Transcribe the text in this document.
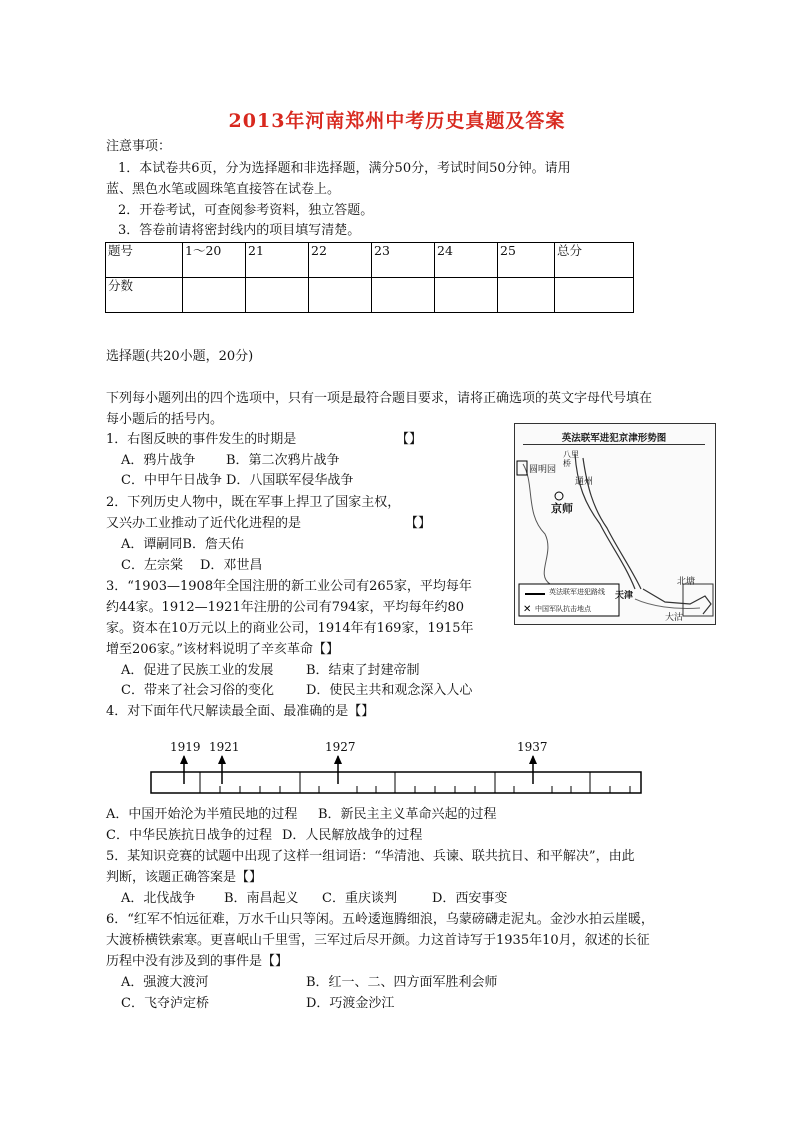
2013年河南郑州中考历史真题及答案
注意事项：
1．本试卷共6页，分为选择题和非选择题，满分50分，考试时间50分钟。请用
蓝、黑色水笔或圆珠笔直接答在试卷上。
2．开卷考试，可查阅参考资料，独立答题。
3．答卷前请将密封线内的项目填写清楚。
题号	1～20	21	22	23	24	25	总分
分数							
选择题(共20小题，20分)
下列每小题列出的四个选项中，只有一项是最符合题目要求，请将正确选项的英文字母代号填在
每小题后的括号内。
英法联军进犯京津形势图
✕
圆明园
京师
通州
天津
大沽
北塘
八里桥
英法联军进犯路线
中国军队抗击地点
1．右图反映的事件发生的时期是	【】
A．鸦片战争 B．第二次鸦片战争
C．中甲午日战争 D．八国联军侵华战争
2．下列历史人物中，既在军事上捍卫了国家主权，
又兴办工业推动了近代化进程的是	【】
A．谭嗣同B．詹天佑
C．左宗棠 D．邓世昌
3．“1903—1908年全国注册的新工业公司有265家，平均每年
约44家。1912—1921年注册的公司有794家，平均每年约80
家。资本在10万元以上的商业公司，1914年有169家，1915年
增至206家。”该材料说明了辛亥革命【】
A．促进了民族工业的发展	B．结束了封建帝制
C．带来了社会习俗的变化 D．使民主共和观念深入人心
4．对下面年代尺解读最全面、最准确的是【】
1919 1921	1927	1937
A．中国开始沦为半殖民地的过程 B．新民主主义革命兴起的过程
C．中华民族抗日战争的过程 D．人民解放战争的过程
5．某知识竞赛的试题中出现了这样一组词语：“华清池、兵谏、联共抗日、和平解决”，由此
判断，该题正确答案是【】
A．北伐战争 B．南昌起义 C．重庆谈判	D．西安事变
6．“红军不怕远征难，万水千山只等闲。五岭逶迤腾细浪，乌蒙磅礴走泥丸。金沙水拍云崖暖，
大渡桥横铁索寒。更喜岷山千里雪，三军过后尽开颜。力这首诗写于1935年10月，叙述的长征
历程中没有涉及到的事件是【】
A．强渡大渡河	B．红一、二、四方面军胜利会师
C．飞夺泸定桥	D．巧渡金沙江
